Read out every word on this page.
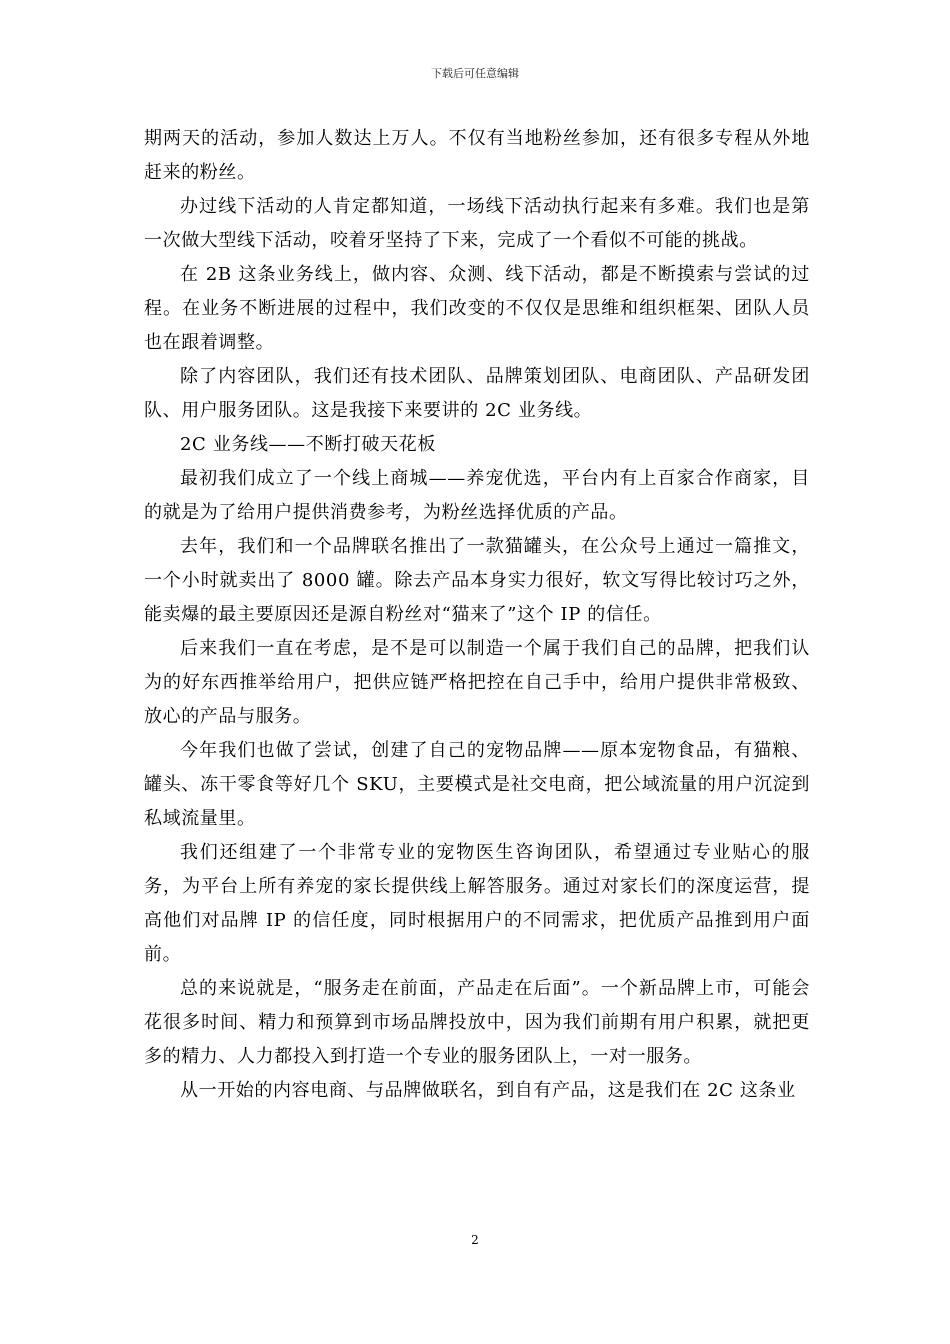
下载后可任意编辑

期两天的活动，参加人数达上万人。不仅有当地粉丝参加，还有很多专程从外地赶来的粉丝。

办过线下活动的人肯定都知道，一场线下活动执行起来有多难。我们也是第一次做大型线下活动，咬着牙坚持了下来，完成了一个看似不可能的挑战。

在 2B 这条业务线上，做内容、众测、线下活动，都是不断摸索与尝试的过程。在业务不断进展的过程中，我们改变的不仅仅是思维和组织框架、团队人员也在跟着调整。

除了内容团队，我们还有技术团队、品牌策划团队、电商团队、产品研发团队、用户服务团队。这是我接下来要讲的 2C 业务线。

2C 业务线——不断打破天花板

最初我们成立了一个线上商城——养宠优选，平台内有上百家合作商家，目的就是为了给用户提供消费参考，为粉丝选择优质的产品。

去年，我们和一个品牌联名推出了一款猫罐头，在公众号上通过一篇推文，一个小时就卖出了 8000 罐。除去产品本身实力很好，软文写得比较讨巧之外，能卖爆的最主要原因还是源自粉丝对“猫来了”这个 IP 的信任。

后来我们一直在考虑，是不是可以制造一个属于我们自己的品牌，把我们认为的好东西推举给用户，把供应链严格把控在自己手中，给用户提供非常极致、放心的产品与服务。

今年我们也做了尝试，创建了自己的宠物品牌——原本宠物食品，有猫粮、罐头、冻干零食等好几个 SKU，主要模式是社交电商，把公域流量的用户沉淀到私域流量里。

我们还组建了一个非常专业的宠物医生咨询团队，希望通过专业贴心的服务，为平台上所有养宠的家长提供线上解答服务。通过对家长们的深度运营，提高他们对品牌 IP 的信任度，同时根据用户的不同需求，把优质产品推到用户面前。

总的来说就是，“服务走在前面，产品走在后面”。一个新品牌上市，可能会花很多时间、精力和预算到市场品牌投放中，因为我们前期有用户积累，就把更多的精力、人力都投入到打造一个专业的服务团队上，一对一服务。

从一开始的内容电商、与品牌做联名，到自有产品，这是我们在 2C 这条业

2
